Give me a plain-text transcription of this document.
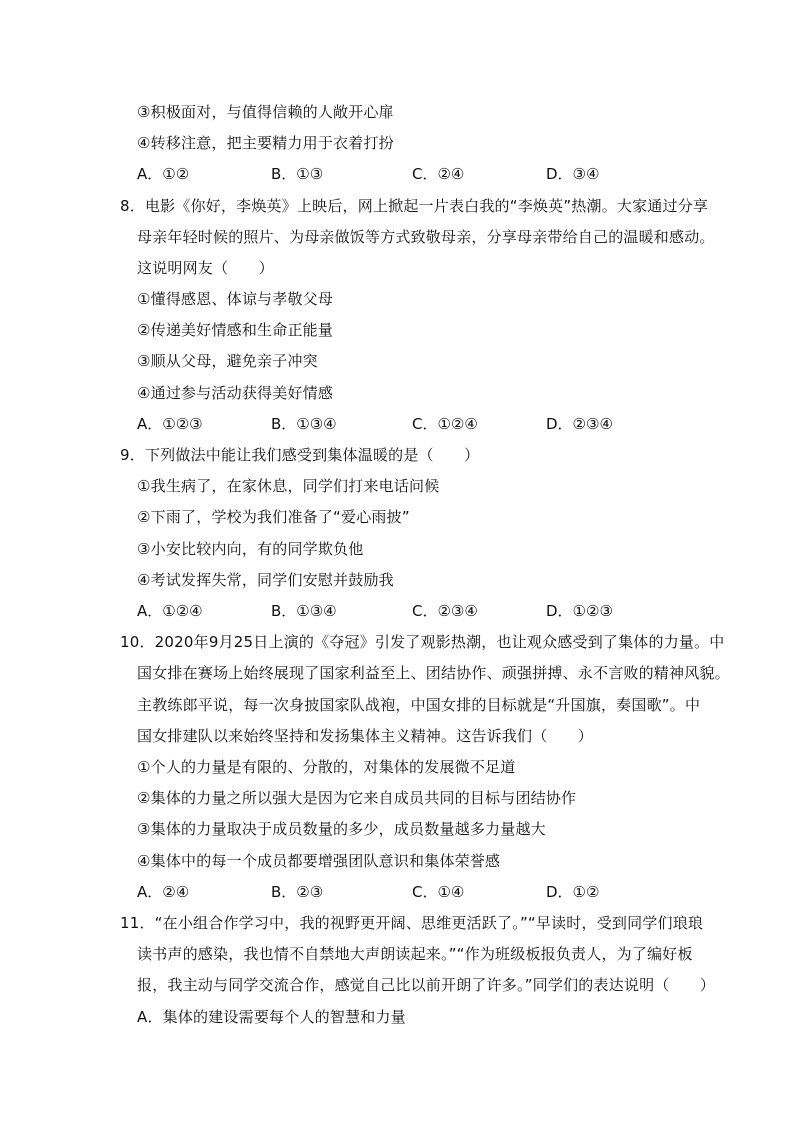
③积极面对，与值得信赖的人敞开心扉
④转移注意，把主要精力用于衣着打扮
A．①②	B．①③	C．②④	D．③④
8．电影《你好，李焕英》上映后，网上掀起一片表白我的“李焕英”热潮。大家通过分享
母亲年轻时候的照片、为母亲做饭等方式致敬母亲，分享母亲带给自己的温暖和感动。
这说明网友（　　）
①懂得感恩、体谅与孝敬父母
②传递美好情感和生命正能量
③顺从父母，避免亲子冲突
④通过参与活动获得美好情感
A．①②③	B．①③④	C．①②④	D．②③④
9．下列做法中能让我们感受到集体温暖的是（　　）
①我生病了，在家休息，同学们打来电话问候
②下雨了，学校为我们准备了“爱心雨披”
③小安比较内向，有的同学欺负他
④考试发挥失常，同学们安慰并鼓励我
A．①②④	B．①③④	C．②③④	D．①②③
10．2020年9月25日上演的《夺冠》引发了观影热潮，也让观众感受到了集体的力量。中
国女排在赛场上始终展现了国家利益至上、团结协作、顽强拼搏、永不言败的精神风貌。
主教练郎平说，每一次身披国家队战袍，中国女排的目标就是“升国旗，奏国歌”。中
国女排建队以来始终坚持和发扬集体主义精神。这告诉我们（　　）
①个人的力量是有限的、分散的，对集体的发展微不足道
②集体的力量之所以强大是因为它来自成员共同的目标与团结协作
③集体的力量取决于成员数量的多少，成员数量越多力量越大
④集体中的每一个成员都要增强团队意识和集体荣誉感
A．②④	B．②③	C．①④	D．①②
11．“在小组合作学习中，我的视野更开阔、思维更活跃了。”“早读时，受到同学们琅琅
读书声的感染，我也情不自禁地大声朗读起来。”“作为班级板报负责人，为了编好板
报，我主动与同学交流合作，感觉自己比以前开朗了许多。”同学们的表达说明（　　）
A．集体的建设需要每个人的智慧和力量
